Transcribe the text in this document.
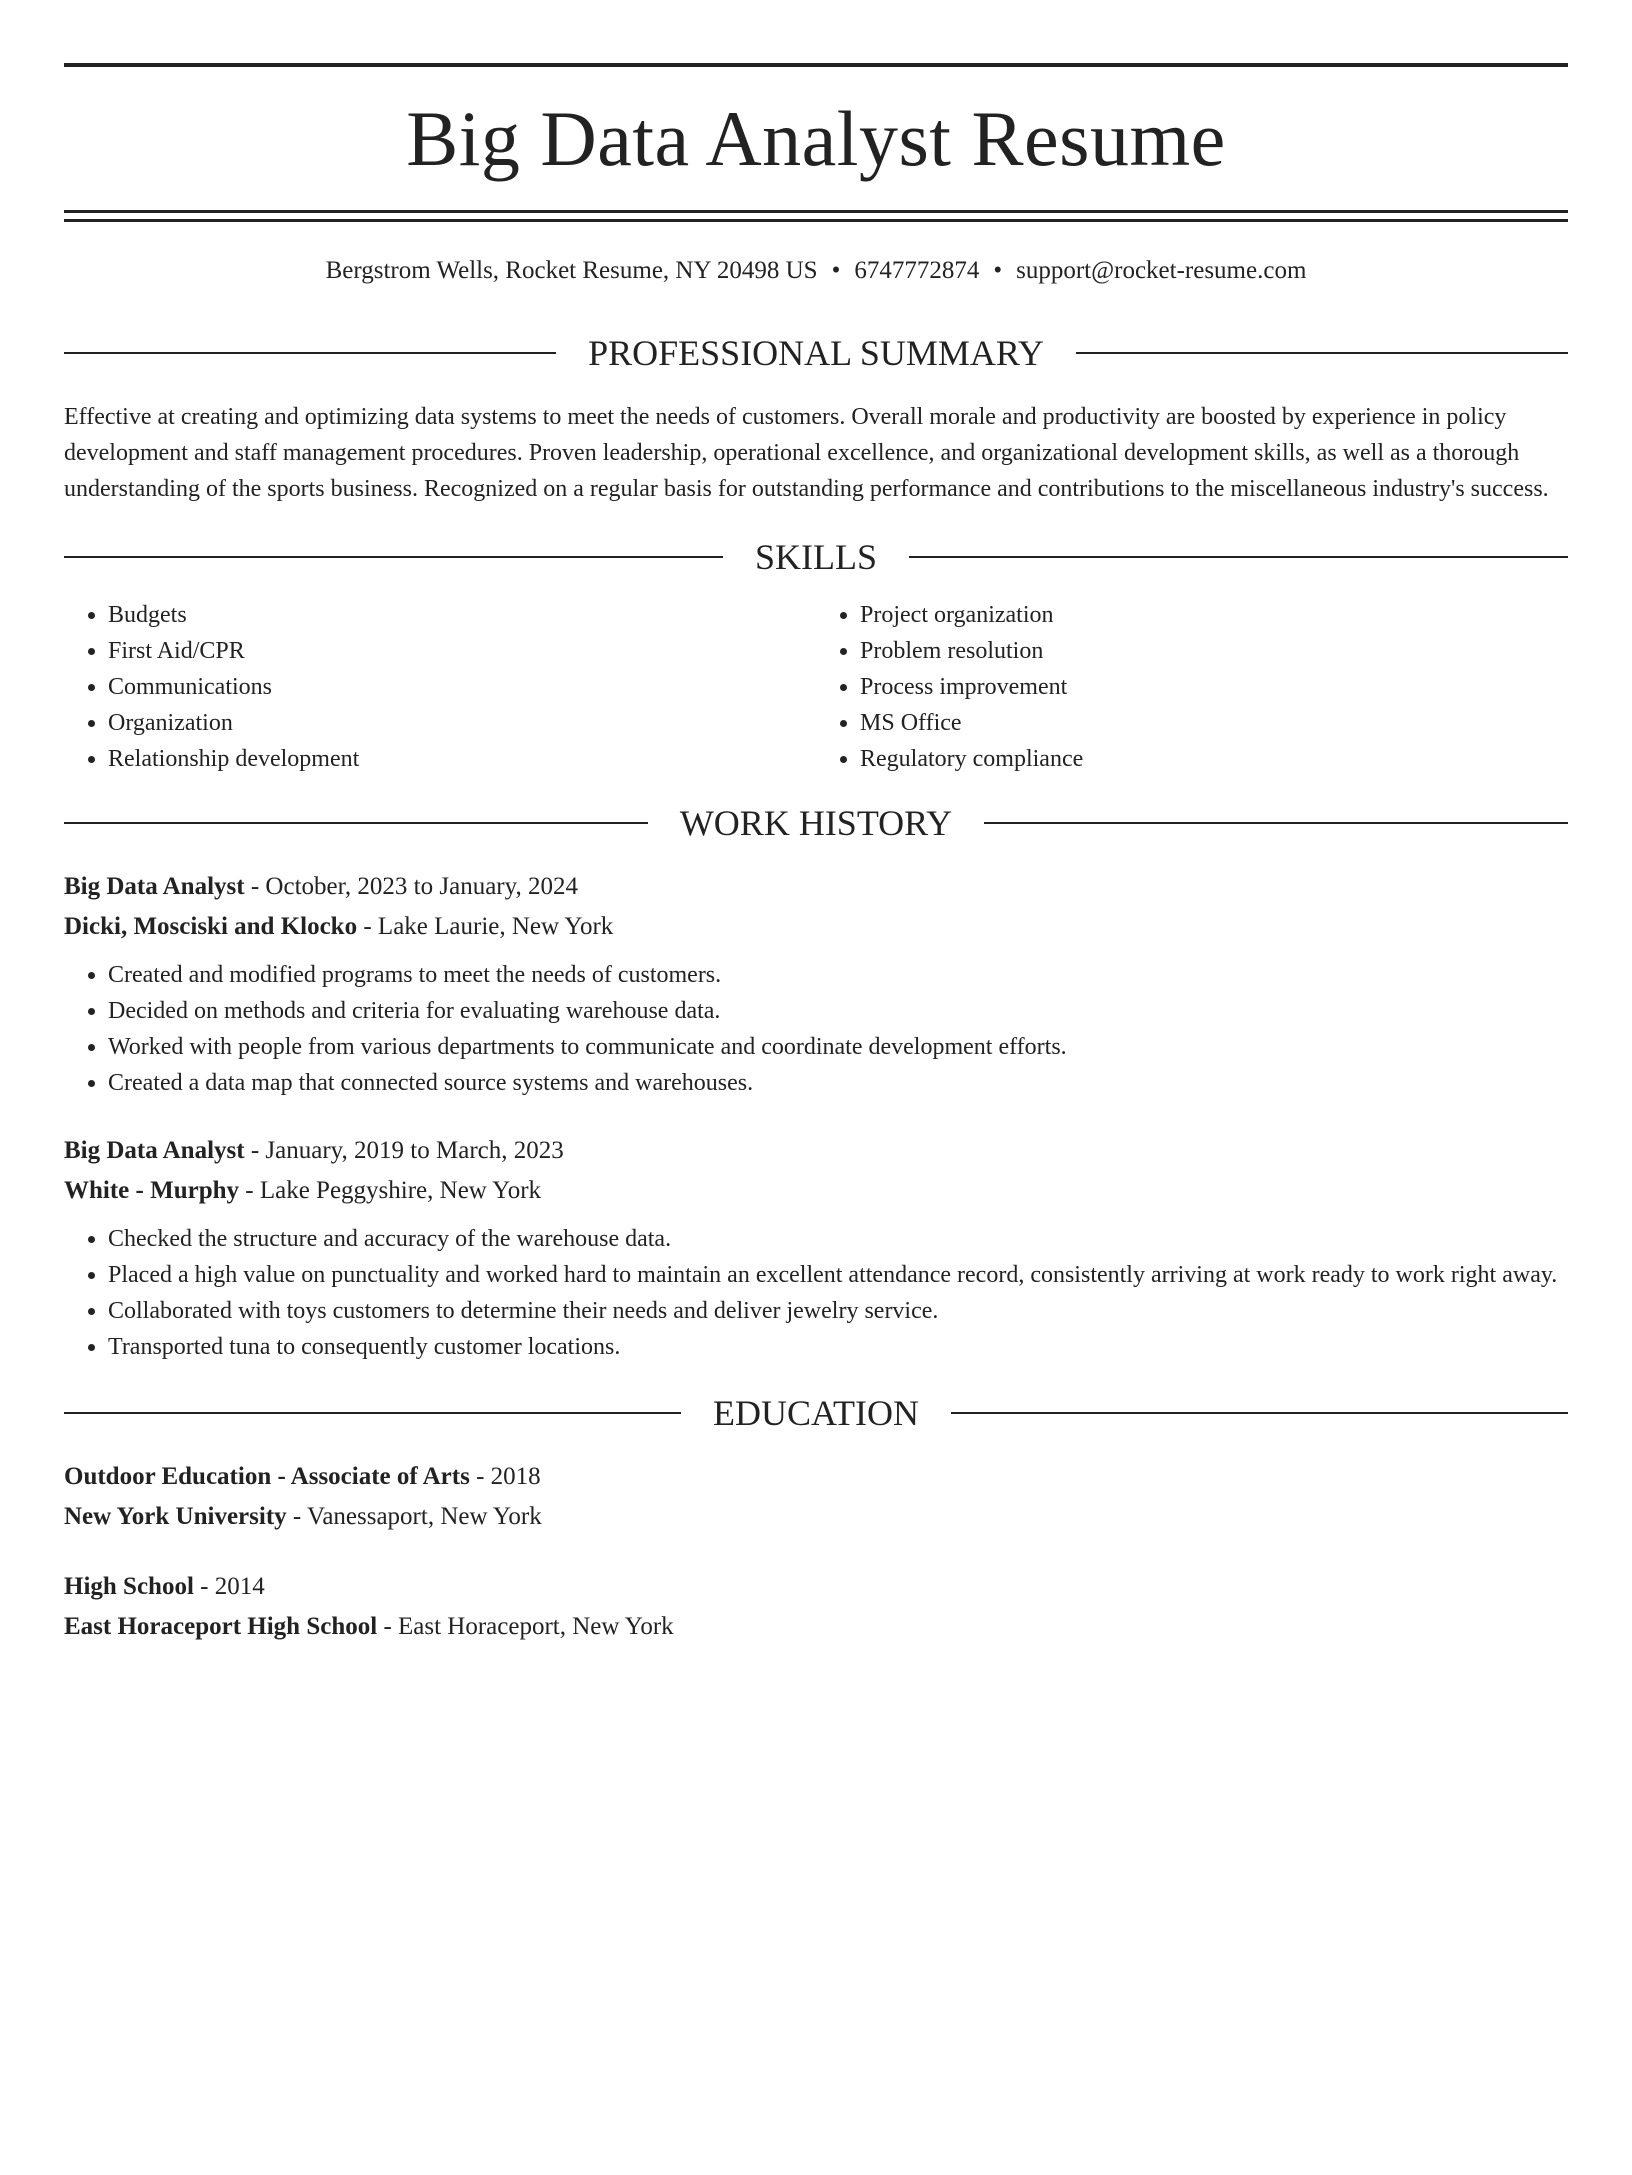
Big Data Analyst Resume
Bergstrom Wells, Rocket Resume, NY 20498 US • 6747772874 • support@rocket-resume.com
PROFESSIONAL SUMMARY

Effective at creating and optimizing data systems to meet the needs of customers. Overall morale and productivity are boosted by experience in policy development and staff management procedures. Proven leadership, operational excellence, and organizational development skills, as well as a thorough understanding of the sports business. Recognized on a regular basis for outstanding performance and contributions to the miscellaneous industry's success.

SKILLS
• Budgets
• First Aid/CPR
• Communications
• Organization
• Relationship development
• Project organization
• Problem resolution
• Process improvement
• MS Office
• Regulatory compliance
WORK HISTORY
Big Data Analyst - October, 2023 to January, 2024
Dicki, Mosciski and Klocko - Lake Laurie, New York
• Created and modified programs to meet the needs of customers.
• Decided on methods and criteria for evaluating warehouse data.
• Worked with people from various departments to communicate and coordinate development efforts.
• Created a data map that connected source systems and warehouses.
Big Data Analyst - January, 2019 to March, 2023
White - Murphy - Lake Peggyshire, New York
• Checked the structure and accuracy of the warehouse data.
• Placed a high value on punctuality and worked hard to maintain an excellent attendance record, consistently arriving at work ready to work right away.
• Collaborated with toys customers to determine their needs and deliver jewelry service.
• Transported tuna to consequently customer locations.
EDUCATION
Outdoor Education - Associate of Arts - 2018
New York University - Vanessaport, New York
High School - 2014
East Horaceport High School - East Horaceport, New York
